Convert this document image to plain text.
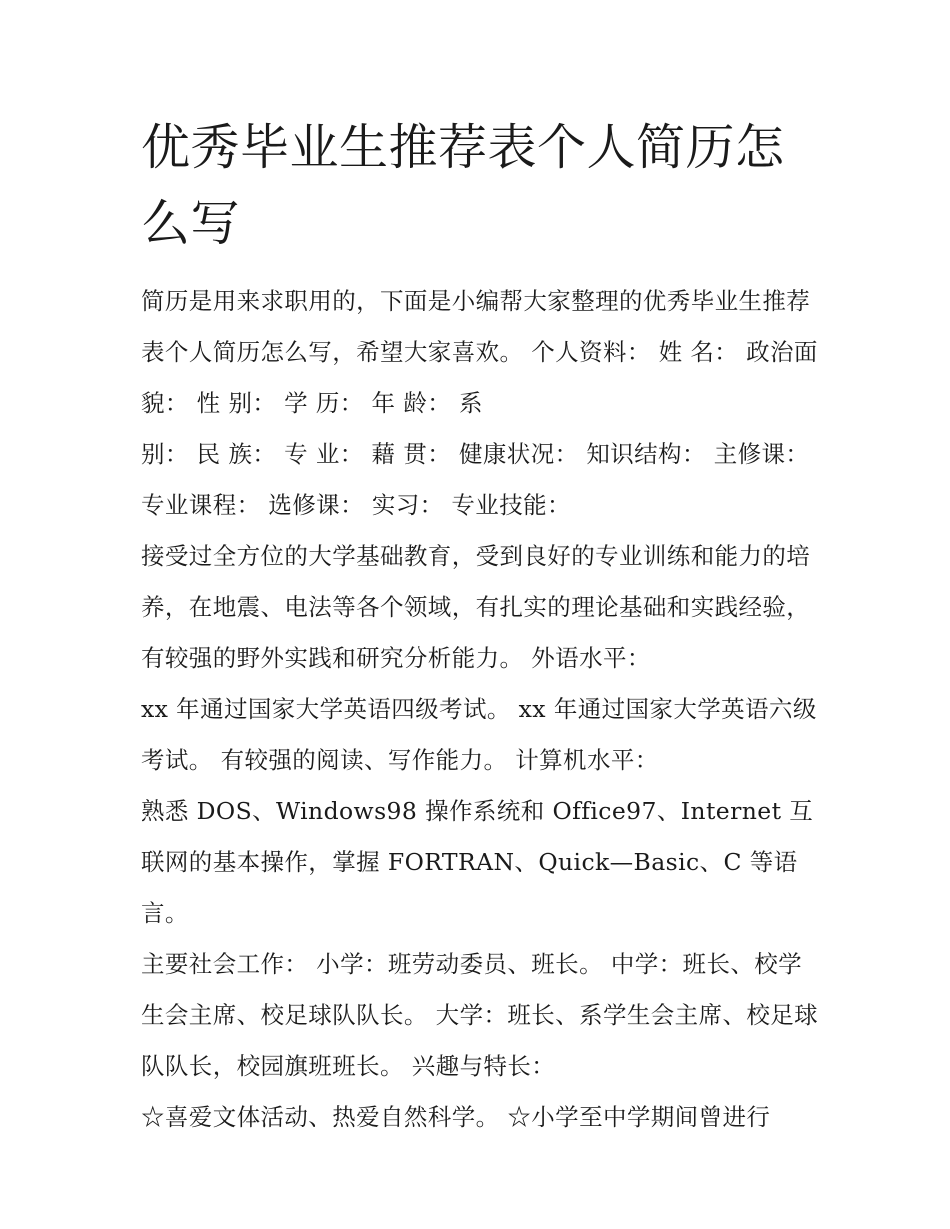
优秀毕业生推荐表个人简历怎么写

简历是用来求职用的，下面是小编帮大家整理的优秀毕业生推荐表个人简历怎么写，希望大家喜欢。 个人资料： 姓 名： 政治面貌： 性 别： 学 历： 年 龄： 系

别： 民 族： 专 业： 藉 贯： 健康状况： 知识结构： 主修课： 专业课程： 选修课： 实习： 专业技能：

接受过全方位的大学基础教育，受到良好的专业训练和能力的培养，在地震、电法等各个领域，有扎实的理论基础和实践经验，有较强的野外实践和研究分析能力。 外语水平：

xx 年通过国家大学英语四级考试。 xx 年通过国家大学英语六级考试。 有较强的阅读、写作能力。 计算机水平：

熟悉 DOS、Windows98 操作系统和 Office97、Internet 互联网的基本操作，掌握 FORTRAN、Quick—Basic、C 等语言。

主要社会工作： 小学：班劳动委员、班长。 中学：班长、校学生会主席、校足球队队长。 大学：班长、系学生会主席、校足球队队长，校园旗班班长。 兴趣与特长：

☆喜爱文体活动、热爱自然科学。 ☆小学至中学期间曾进行
